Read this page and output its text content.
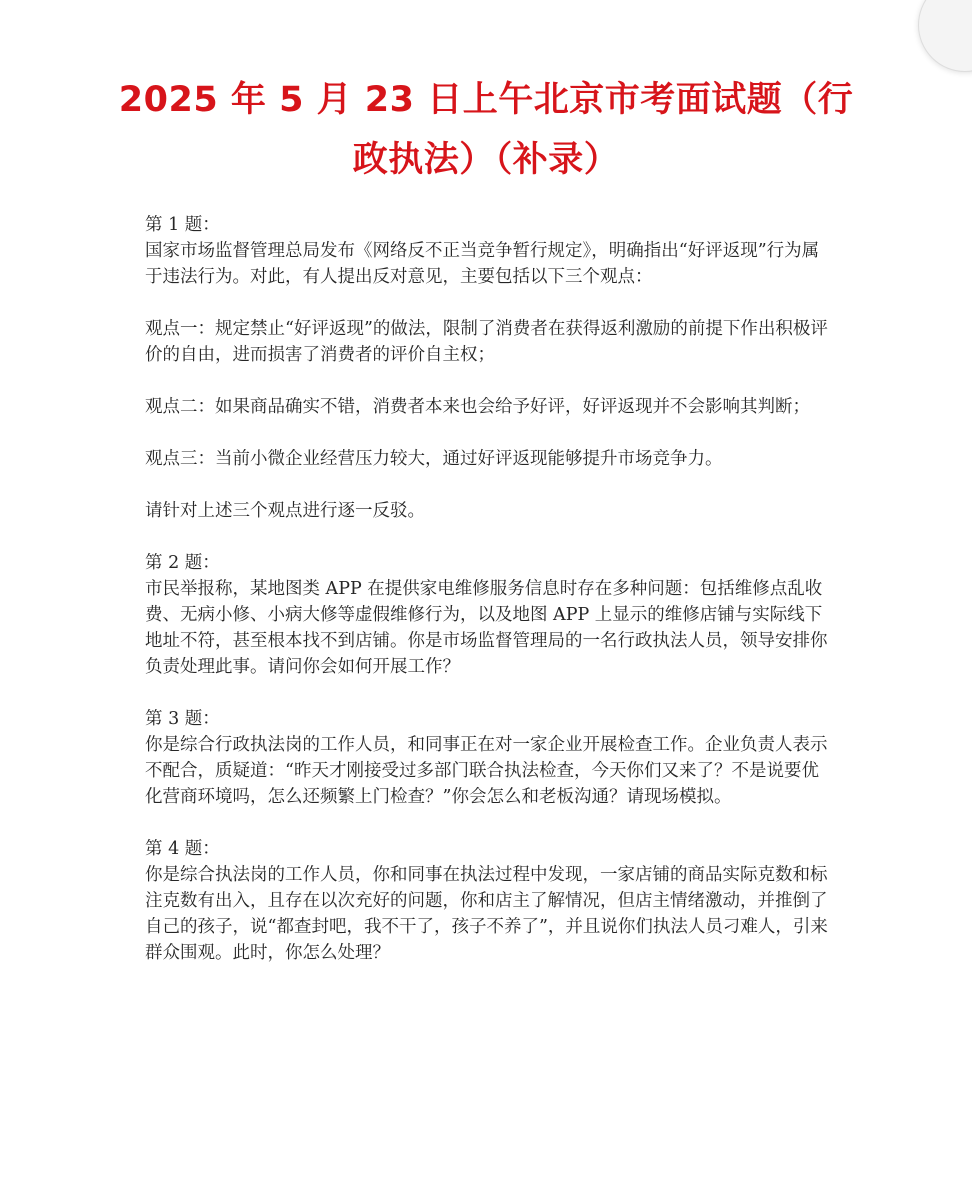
2025 年 5 月 23 日上午北京市考面试题（行政执法）（补录）
第 1 题：
国家市场监督管理总局发布《网络反不正当竞争暂行规定》，明确指出“好评返现”行为属于违法行为。对此，有人提出反对意见，主要包括以下三个观点：

观点一：规定禁止“好评返现”的做法，限制了消费者在获得返利激励的前提下作出积极评价的自由，进而损害了消费者的评价自主权；

观点二：如果商品确实不错，消费者本来也会给予好评，好评返现并不会影响其判断；

观点三：当前小微企业经营压力较大，通过好评返现能够提升市场竞争力。

请针对上述三个观点进行逐一反驳。

第 2 题：
市民举报称，某地图类 APP 在提供家电维修服务信息时存在多种问题：包括维修点乱收费、无病小修、小病大修等虚假维修行为，以及地图 APP 上显示的维修店铺与实际线下地址不符，甚至根本找不到店铺。你是市场监督管理局的一名行政执法人员，领导安排你负责处理此事。请问你会如何开展工作？
第 3 题：
你是综合行政执法岗的工作人员，和同事正在对一家企业开展检查工作。企业负责人表示不配合，质疑道：“昨天才刚接受过多部门联合执法检查，今天你们又来了？不是说要优化营商环境吗，怎么还频繁上门检查？”你会怎么和老板沟通？请现场模拟。
第 4 题：
你是综合执法岗的工作人员，你和同事在执法过程中发现，一家店铺的商品实际克数和标注克数有出入，且存在以次充好的问题，你和店主了解情况，但店主情绪激动，并推倒了自己的孩子，说“都查封吧，我不干了，孩子不养了”，并且说你们执法人员刁难人，引来群众围观。此时，你怎么处理？
